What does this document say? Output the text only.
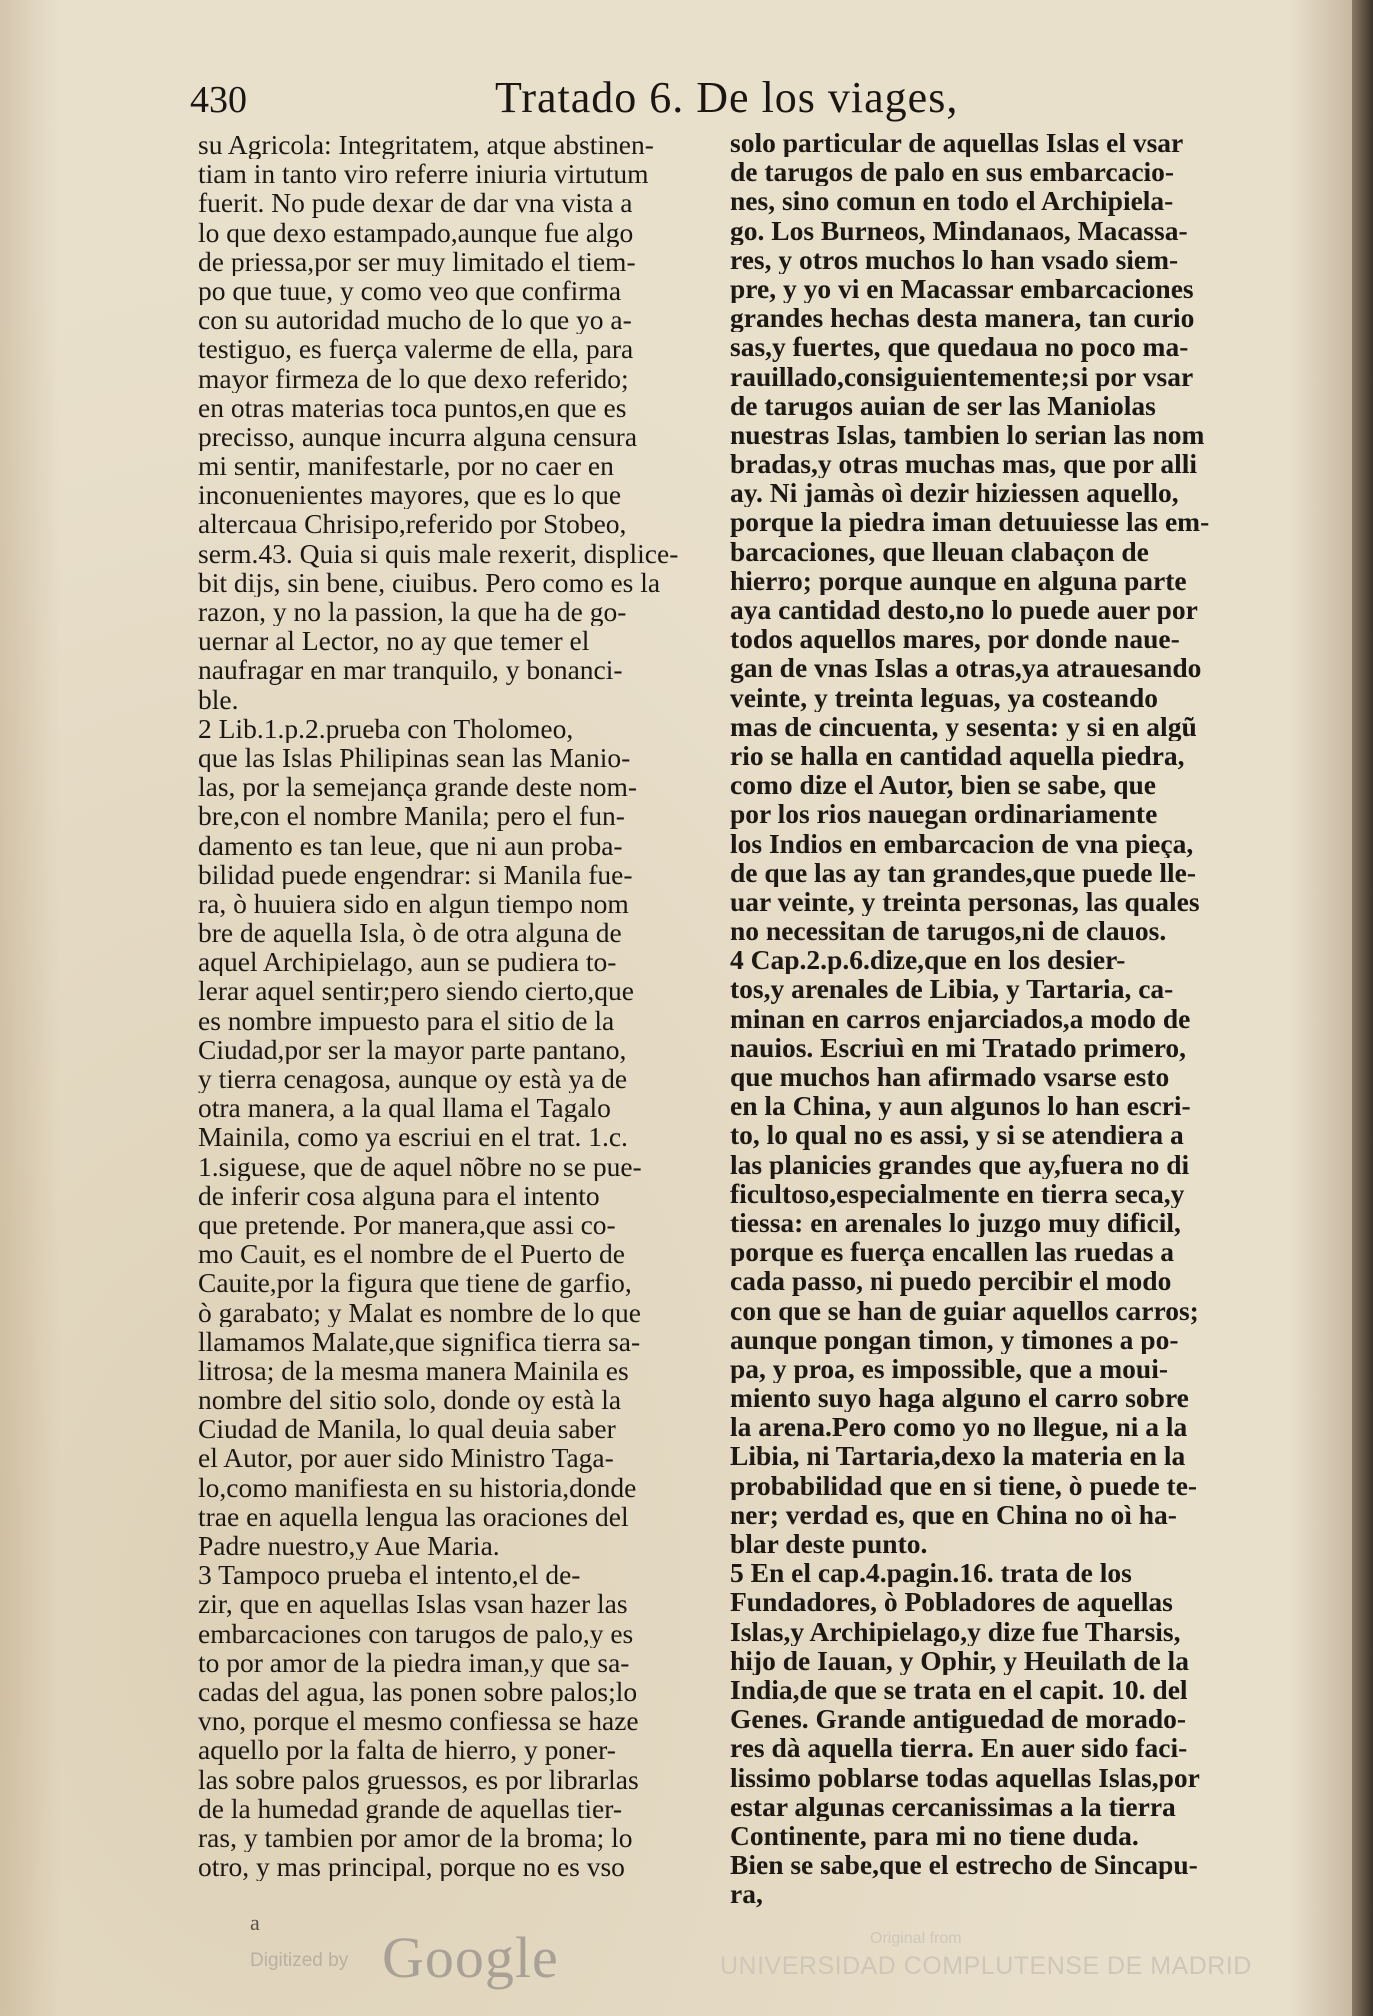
430	Tratado 6. De los viages,
su Agricola: Integritatem, atque abstinen-
tiam in tanto viro referre iniuria virtutum
fuerit. No pude dexar de dar vna vista a
lo que dexo estampado,aunque fue algo
de priessa,por ser muy limitado el tiem-
po que tuue, y como veo que confirma
con su autoridad mucho de lo que yo a-
testiguo, es fuerça valerme de ella, para
mayor firmeza de lo que dexo referido;
en otras materias toca puntos,en que es
precisso, aunque incurra alguna censura
mi sentir, manifestarle, por no caer en
inconuenientes mayores, que es lo que
altercaua Chrisipo,referido por Stobeo,
serm.43. Quia si quis male rexerit, displice-
bit dijs, sin bene, ciuibus. Pero como es la
razon, y no la passion, la que ha de go-
uernar al Lector, no ay que temer el
naufragar en mar tranquilo, y bonanci-
ble.
2 Lib.1.p.2.prueba con Tholomeo,
que las Islas Philipinas sean las Manio-
las, por la semejança grande deste nom-
bre,con el nombre Manila; pero el fun-
damento es tan leue, que ni aun proba-
bilidad puede engendrar: si Manila fue-
ra, ò huuiera sido en algun tiempo nom
bre de aquella Isla, ò de otra alguna de
aquel Archipielago, aun se pudiera to-
lerar aquel sentir;pero siendo cierto,que
es nombre impuesto para el sitio de la
Ciudad,por ser la mayor parte pantano,
y tierra cenagosa, aunque oy està ya de
otra manera, a la qual llama el Tagalo
Mainila, como ya escriui en el trat. 1.c.
1.siguese, que de aquel nõbre no se pue-
de inferir cosa alguna para el intento
que pretende. Por manera,que assi co-
mo Cauit, es el nombre de el Puerto de
Cauite,por la figura que tiene de garfio,
ò garabato; y Malat es nombre de lo que
llamamos Malate,que significa tierra sa-
litrosa; de la mesma manera Mainila es
nombre del sitio solo, donde oy està la
Ciudad de Manila, lo qual deuia saber
el Autor, por auer sido Ministro Taga-
lo,como manifiesta en su historia,donde
trae en aquella lengua las oraciones del
Padre nuestro,y Aue Maria.
3 Tampoco prueba el intento,el de-
zir, que en aquellas Islas vsan hazer las
embarcaciones con tarugos de palo,y es
to por amor de la piedra iman,y que sa-
cadas del agua, las ponen sobre palos;lo
vno, porque el mesmo confiessa se haze
aquello por la falta de hierro, y poner-
las sobre palos gruessos, es por librarlas
de la humedad grande de aquellas tier-
ras, y tambien por amor de la broma; lo
otro, y mas principal, porque no es vso
solo particular de aquellas Islas el vsar
de tarugos de palo en sus embarcacio-
nes, sino comun en todo el Archipiela-
go. Los Burneos, Mindanaos, Macassa-
res, y otros muchos lo han vsado siem-
pre, y yo vi en Macassar embarcaciones
grandes hechas desta manera, tan curio
sas,y fuertes, que quedaua no poco ma-
rauillado,consiguientemente;si por vsar
de tarugos auian de ser las Maniolas
nuestras Islas, tambien lo serian las nom
bradas,y otras muchas mas, que por alli
ay. Ni jamàs oì dezir hiziessen aquello,
porque la piedra iman detuuiesse las em-
barcaciones, que lleuan clabaçon de
hierro; porque aunque en alguna parte
aya cantidad desto,no lo puede auer por
todos aquellos mares, por donde naue-
gan de vnas Islas a otras,ya atrauesando
veinte, y treinta leguas, ya costeando
mas de cincuenta, y sesenta: y si en algũ
rio se halla en cantidad aquella piedra,
como dize el Autor, bien se sabe, que
por los rios nauegan ordinariamente
los Indios en embarcacion de vna pieça,
de que las ay tan grandes,que puede lle-
uar veinte, y treinta personas, las quales
no necessitan de tarugos,ni de clauos.
4 Cap.2.p.6.dize,que en los desier-
tos,y arenales de Libia, y Tartaria, ca-
minan en carros enjarciados,a modo de
nauios. Escriuì en mi Tratado primero,
que muchos han afirmado vsarse esto
en la China, y aun algunos lo han escri-
to, lo qual no es assi, y si se atendiera a
las planicies grandes que ay,fuera no di
ficultoso,especialmente en tierra seca,y
tiessa: en arenales lo juzgo muy dificil,
porque es fuerça encallen las ruedas a
cada passo, ni puedo percibir el modo
con que se han de guiar aquellos carros;
aunque pongan timon, y timones a po-
pa, y proa, es impossible, que a moui-
miento suyo haga alguno el carro sobre
la arena.Pero como yo no llegue, ni a la
Libia, ni Tartaria,dexo la materia en la
probabilidad que en si tiene, ò puede te-
ner; verdad es, que en China no oì ha-
blar deste punto.
5 En el cap.4.pagin.16. trata de los
Fundadores, ò Pobladores de aquellas
Islas,y Archipielago,y dize fue Tharsis,
hijo de Iauan, y Ophir, y Heuilath de la
India,de que se trata en el capit. 10. del
Genes. Grande antiguedad de morado-
res dà aquella tierra. En auer sido faci-
lissimo poblarse todas aquellas Islas,por
estar algunas cercanissimas a la tierra
Continente, para mi no tiene duda.
Bien se sabe,que el estrecho de Sincapu-
ra,
a
Digitized by Google	Original from
UNIVERSIDAD COMPLUTENSE DE MADRID
